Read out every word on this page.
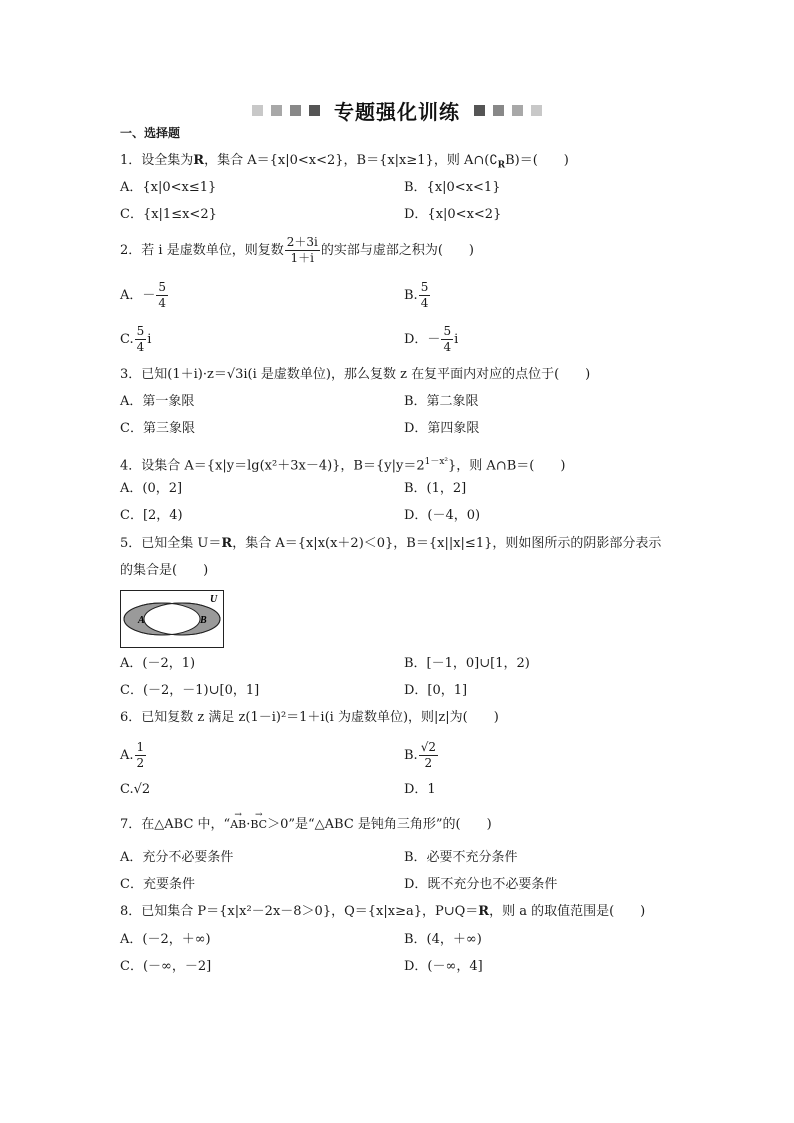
专题强化训练
一、选择题
1．设全集为R，集合 A＝{x|0<x<2}，B＝{x|x≥1}，则 $A\cap(∁_RB)=$(　　)
A．{x|0<x≤1}	B．{x|0<x<1}
C．{x|1≤x<2}	D．{x|0<x<2}
2．若 i 是虚数单位，则复数 $\frac{2+3i}{1+i}$ 的实部与虚部之积为(　　)
A．－ $\frac{5}{4}$	B. $\frac{5}{4}$
C. $\frac{5}{4}$ i	D．－ $\frac{5}{4}$ i
3．已知(1＋i)·z＝√3i(i 是虚数单位)，那么复数 z 在复平面内对应的点位于(　　)
A．第一象限	B．第二象限
C．第三象限	D．第四象限
4．设集合 A＝{x|y＝lg(x²＋3x－4)}，$B=\{y|y=2^{1-x^2}\}$，则 A∩B＝(　　)
A．(0，2]	B．(1，2]
C．[2，4)	D．(－4，0)
5．已知全集 U＝R，集合 A＝{x|x(x＋2)＜0}，B＝{x||x|≤1}，则如图所示的阴影部分表示
的集合是(　　)
U
A	B
A．(－2，1)	B．[－1，0]∪[1，2)
C．(－2，－1)∪[0，1]	D．[0，1]
6．已知复数 z 满足 z(1－i)²＝1＋i(i 为虚数单位)，则|z|为(　　)
A. $\frac{1}{2}$	B. $\frac{√2}{2}$
C.√2	D．1
7．在△ABC 中，“→ AB·→ BC＞0”是“△ABC 是钝角三角形”的(　　)
A．充分不必要条件	B．必要不充分条件
C．充要条件	D．既不充分也不必要条件
8．已知集合 P＝{x|x²－2x－8＞0}，Q＝{x|x≥a}，P∪Q＝R，则 a 的取值范围是(　　)
A．(－2，＋∞)	B．(4，＋∞)
C．(－∞，－2]	D．(－∞，4]
